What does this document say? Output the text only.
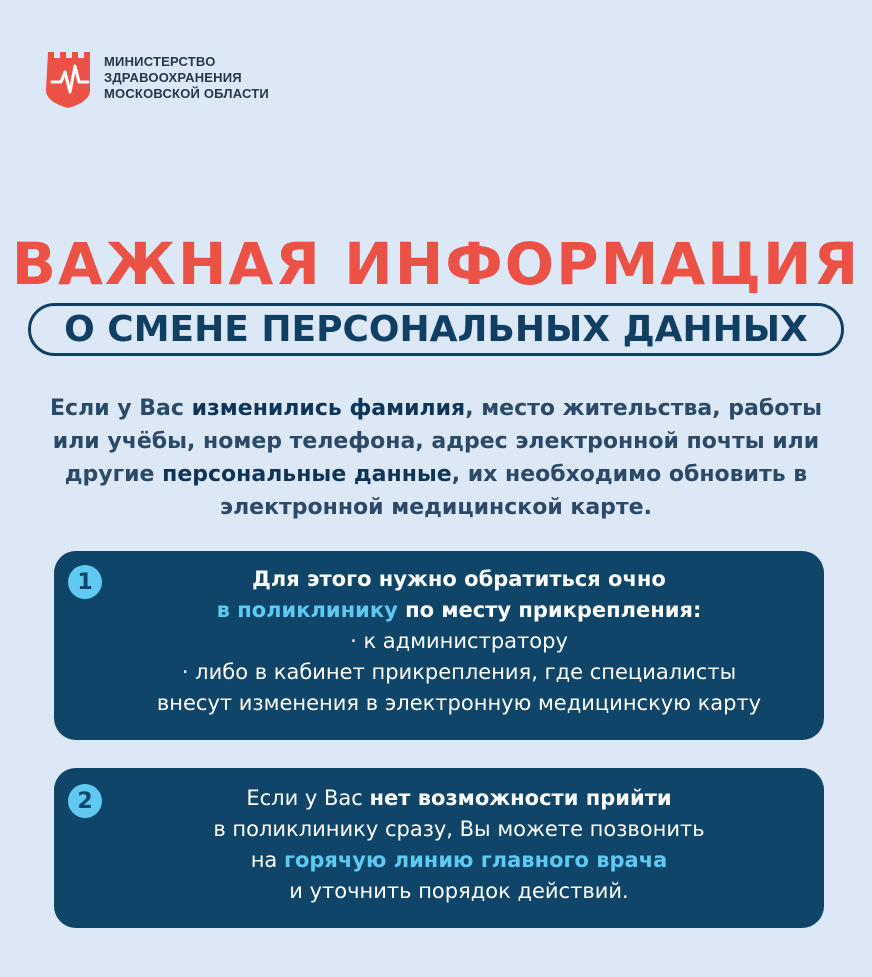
МИНИСТЕРСТВО
ЗДРАВООХРАНЕНИЯ
МОСКОВСКОЙ ОБЛАСТИ
ВАЖНАЯ ИНФОРМАЦИЯ
О СМЕНЕ ПЕРСОНАЛЬНЫХ ДАННЫХ
Если у Вас изменились фамилия, место жительства, работы или учёбы, номер телефона, адрес электронной почты или другие персональные данные, их необходимо обновить в электронной медицинской карте.
1	Для этого нужно обратиться очно
в поликлинику по месту прикрепления:
· к администратору
· либо в кабинет прикрепления, где специалисты
внесут изменения в электронную медицинскую карту
2	Если у Вас нет возможности прийти
в поликлинику сразу, Вы можете позвонить
на горячую линию главного врача
и уточнить порядок действий.
